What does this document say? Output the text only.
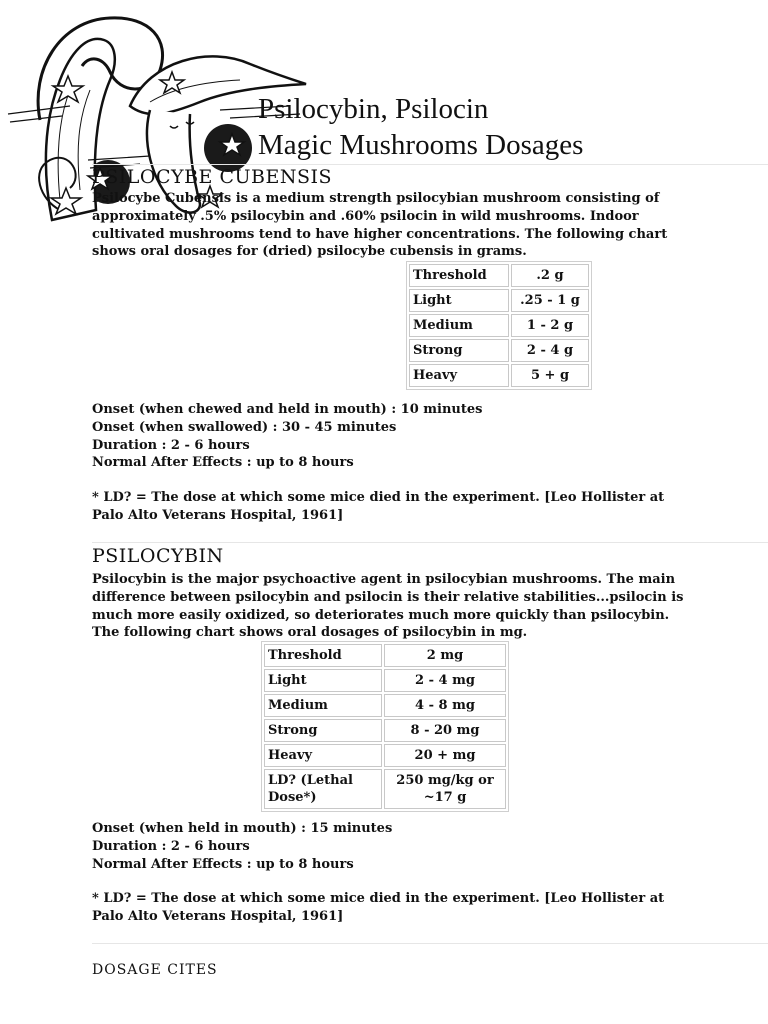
Psilocybin, Psilocin
Magic Mushrooms Dosages
PSILOCYBE CUBENSIS

Psilocybe Cubensis is a medium strength psilocybian mushroom consisting of approximately .5% psilocybin and .60% psilocin in wild mushrooms. Indoor cultivated mushrooms tend to have higher concentrations. The following chart shows oral dosages for (dried) psilocybe cubensis in grams.

Threshold	.2 g
Light	.25 - 1 g
Medium	1 - 2 g
Strong	2 - 4 g
Heavy	5 + g
Onset (when chewed and held in mouth) : 10 minutes
Onset (when swallowed) : 30 - 45 minutes
Duration : 2 - 6 hours
Normal After Effects : up to 8 hours

* LD? = The dose at which some mice died in the experiment. [Leo Hollister at Palo Alto Veterans Hospital, 1961]

PSILOCYBIN

Psilocybin is the major psychoactive agent in psilocybian mushrooms. The main difference between psilocybin and psilocin is their relative stabilities...psilocin is much more easily oxidized, so deteriorates much more quickly than psilocybin. The following chart shows oral dosages of psilocybin in mg.

Threshold	2 mg
Light	2 - 4 mg
Medium	4 - 8 mg
Strong	8 - 20 mg
Heavy	20 + mg
LD? (Lethal Dose*)	250 mg/kg or ~17 g
Onset (when held in mouth) : 15 minutes
Duration : 2 - 6 hours
Normal After Effects : up to 8 hours

* LD? = The dose at which some mice died in the experiment. [Leo Hollister at Palo Alto Veterans Hospital, 1961]

DOSAGE CITES
